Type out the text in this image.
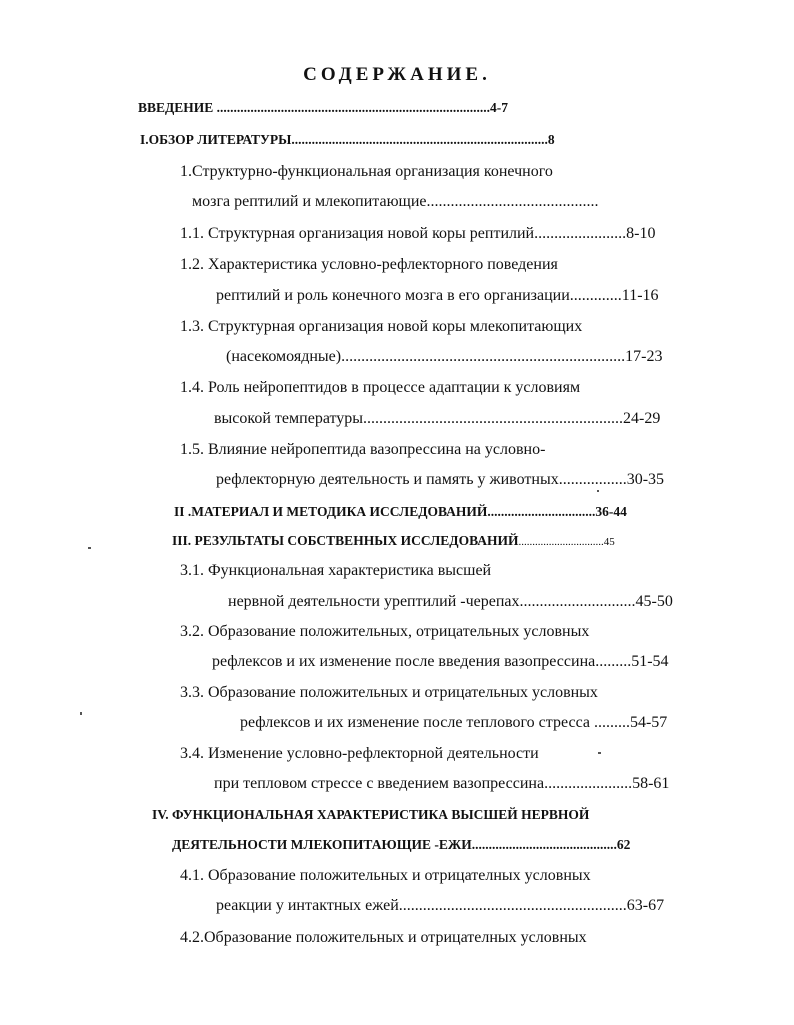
СОДЕРЖАНИЕ.
ВВЕДЕНИЕ .................................................................................4-7
I.ОБЗОР ЛИТЕРАТУРЫ............................................................................8
1.Структурно-функциональная организация конечного
мозга рептилий и млекопитающие...........................................
1.1. Структурная организация новой коры рептилий.......................8-10
1.2. Характеристика условно-рефлекторного поведения
рептилий и роль конечного мозга в его организации.............11-16
1.3. Структурная организация новой коры млекопитающих
(насекомоядные).......................................................................17-23
1.4. Роль нейропептидов в процессе адаптации к условиям
высокой температуры.................................................................24-29
1.5. Влияние нейропептида вазопрессина на условно-
рефлекторную деятельность и память у животных.................30-35
II .МАТЕРИАЛ И МЕТОДИКА ИССЛЕДОВАНИЙ................................36-44
III. РЕЗУЛЬТАТЫ СОБСТВЕННЫХ ИССЛЕДОВАНИЙ...............................45
3.1. Функциональная характеристика высшей
нервной деятельности урептилий -черепах.............................45-50
3.2. Образование положительных, отрицательных условных
рефлексов и их изменение после введения вазопрессина.........51-54
3.3. Образование положительных и отрицательных условных
рефлексов и их изменение после теплового стресса .........54-57
3.4. Изменение условно-рефлекторной деятельности
при тепловом стрессе с введением вазопрессина......................58-61
IV. ФУНКЦИОНАЛЬНАЯ ХАРАКТЕРИСТИКА ВЫСШЕЙ НЕРВНОЙ
ДЕЯТЕЛЬНОСТИ МЛЕКОПИТАЮЩИЕ -ЕЖИ...........................................62
4.1. Образование положительных и отрицателных условных
реакции у интактных ежей.........................................................63-67
4.2.Образование положительных и отрицателных условных
